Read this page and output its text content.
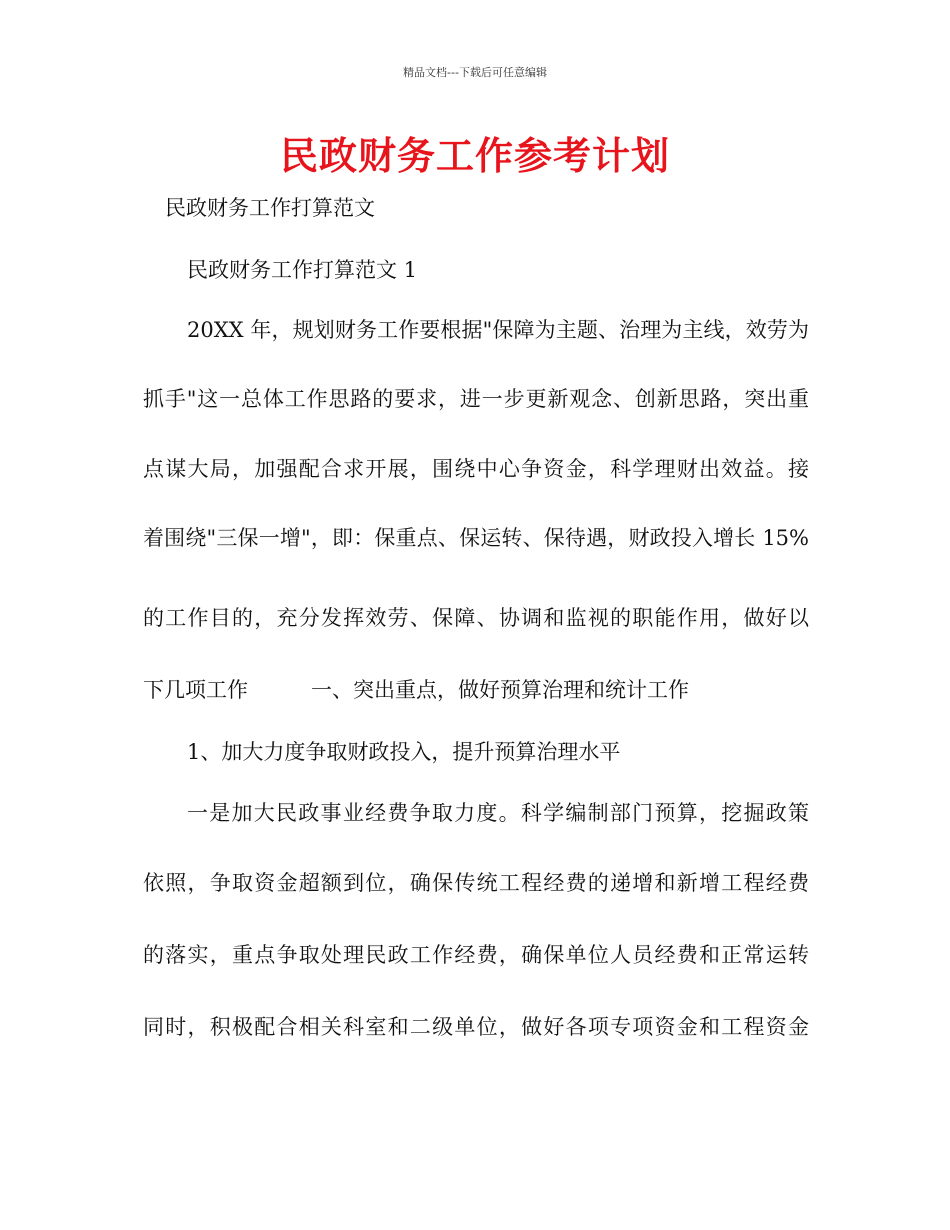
精品文档---下载后可任意编辑
民政财务工作参考计划
民政财务工作打算范文
民政财务工作打算范文 1
20XX 年，规划财务工作要根据"保障为主题、治理为主线，效劳为
抓手"这一总体工作思路的要求，进一步更新观念、创新思路，突出重
点谋大局，加强配合求开展，围绕中心争资金，科学理财出效益。接
着围绕"三保一增"，即：保重点、保运转、保待遇，财政投入增长 15%
的工作目的，充分发挥效劳、保障、协调和监视的职能作用，做好以
下几项工作　　　一、突出重点，做好预算治理和统计工作
1、加大力度争取财政投入，提升预算治理水平
一是加大民政事业经费争取力度。科学编制部门预算，挖掘政策
依照，争取资金超额到位，确保传统工程经费的递增和新增工程经费
的落实，重点争取处理民政工作经费，确保单位人员经费和正常运转
同时，积极配合相关科室和二级单位，做好各项专项资金和工程资金
